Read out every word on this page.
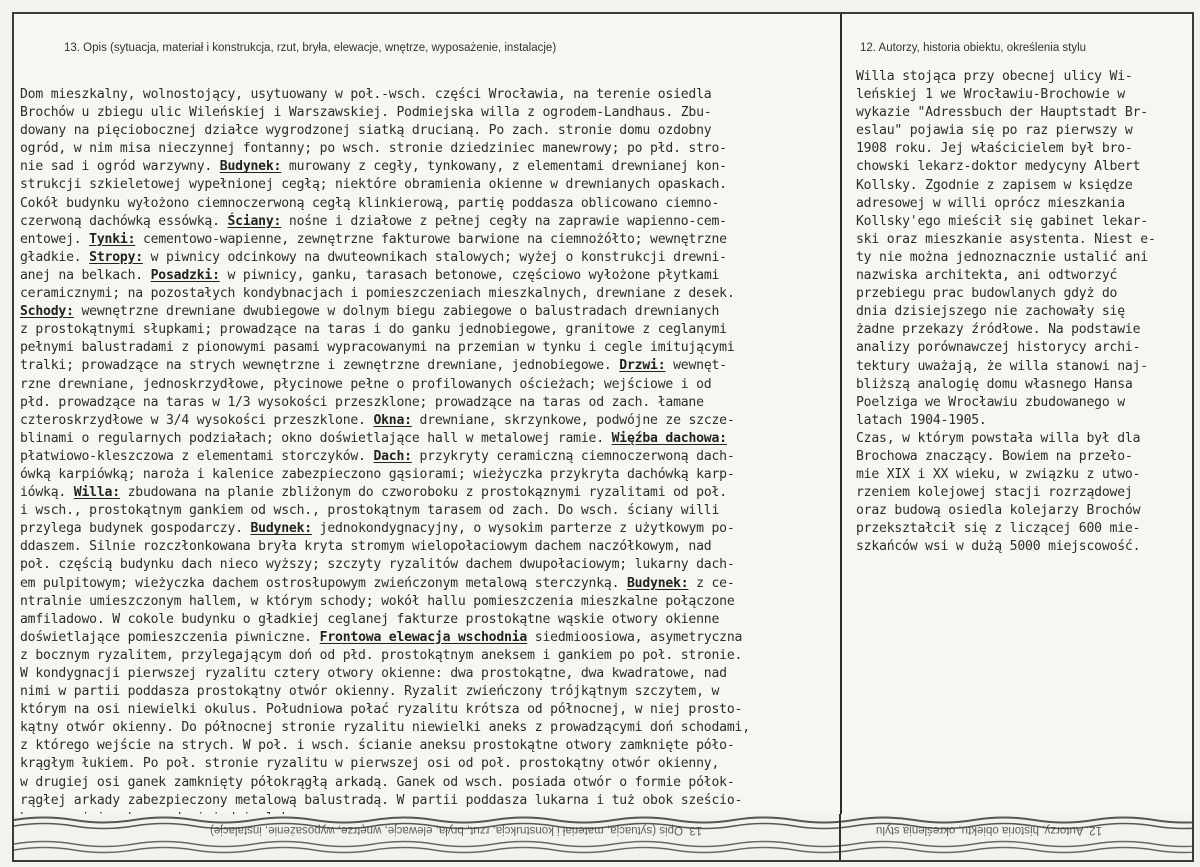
13. Opis (sytuacja, materiał i konstrukcja, rzut, bryła, elewacje, wnętrze, wyposażenie, instalacje)
Dom mieszkalny, wolnostojący, usytuowany w poł.-wsch. części Wrocławia, na terenie osiedla
Brochów u zbiegu ulic Wileńskiej i Warszawskiej. Podmiejska willa z ogrodem-Landhaus. Zbu-
dowany na pięciobocznej działce wygrodzonej siatką drucianą. Po zach. stronie domu ozdobny
ogród, w nim misa nieczynnej fontanny; po wsch. stronie dziedziniec manewrowy; po płd. stro-
nie sad i ogród warzywny. Budynek: murowany z cegły, tynkowany, z elementami drewnianej kon-
strukcji szkieletowej wypełnionej cegłą; niektóre obramienia okienne w drewnianych opaskach.
Cokół budynku wyłożono ciemnoczerwoną cegłą klinkierową, partię poddasza oblicowano ciemno-
czerwoną dachówką essówką. Ściany: nośne i działowe z pełnej cegły na zaprawie wapienno-cem-
entowej. Tynki: cementowo-wapienne, zewnętrzne fakturowe barwione na ciemnożółto; wewnętrzne
gładkie. Stropy: w piwnicy odcinkowy na dwuteownikach stalowych; wyżej o konstrukcji drewni-
anej na belkach. Posadzki: w piwnicy, ganku, tarasach betonowe, częściowo wyłożone płytkami
ceramicznymi; na pozostałych kondybnacjach i pomieszczeniach mieszkalnych, drewniane z desek.
Schody: wewnętrzne drewniane dwubiegowe w dolnym biegu zabiegowe o balustradach drewnianych
z prostokątnymi słupkami; prowadzące na taras i do ganku jednobiegowe, granitowe z ceglanymi
pełnymi balustradami z pionowymi pasami wypracowanymi na przemian w tynku i cegle imitującymi
tralki; prowadzące na strych wewnętrzne i zewnętrzne drewniane, jednobiegowe. Drzwi: wewnęt-
rzne drewniane, jednoskrzydłowe, płycinowe pełne o profilowanych ościeżach; wejściowe i od
płd. prowadzące na taras w 1/3 wysokości przeszklone; prowadzące na taras od zach. łamane
czteroskrzydłowe w 3/4 wysokości przeszklone. Okna: drewniane, skrzynkowe, podwójne ze szcze-
blinami o regularnych podziałach; okno doświetlające hall w metalowej ramie. Więźba dachowa:
płatwiowo-kleszczowa z elementami storczyków. Dach: przykryty ceramiczną ciemnoczerwoną dach-
ówką karpiówką; naroża i kalenice zabezpieczono gąsiorami; wieżyczka przykryta dachówką karp-
iówką. Willa: zbudowana na planie zbliżonym do czworoboku z prostokąznymi ryzalitami od poł.
i wsch., prostokątnym gankiem od wsch., prostokątnym tarasem od zach. Do wsch. ściany willi
przylega budynek gospodarczy. Budynek: jednokondygnacyjny, o wysokim parterze z użytkowym po-
ddaszem. Silnie rozczłonkowana bryła kryta stromym wielopołaciowym dachem naczółkowym, nad
poł. częścią budynku dach nieco wyższy; szczyty ryzalitów dachem dwupołaciowym; lukarny dach-
em pulpitowym; wieżyczka dachem ostrosłupowym zwieńczonym metalową sterczynką. Budynek: z ce-
ntralnie umieszczonym hallem, w którym schody; wokół hallu pomieszczenia mieszkalne połączone
amfiladowo. W cokole budynku o gładkiej ceglanej fakturze prostokątne wąskie otwory okienne
doświetlające pomieszczenia piwniczne. Frontowa elewacja wschodnia siedmioosiowa, asymetryczna
z bocznym ryzalitem, przylegającym doń od płd. prostokątnym aneksem i gankiem po poł. stronie.
W kondygnacji pierwszej ryzalitu cztery otwory okienne: dwa prostokątne, dwa kwadratowe, nad
nimi w partii poddasza prostokątny otwór okienny. Ryzalit zwieńczony trójkątnym szczytem, w
którym na osi niewielki okulus. Południowa połać ryzalitu krótsza od północnej, w niej prosto-
kątny otwór okienny. Do północnej stronie ryzalitu niewielki aneks z prowadzącymi doń schodami,
z którego wejście na strych. W poł. i wsch. ścianie aneksu prostokątne otwory zamknięte póło-
krągłym łukiem. Po poł. stronie ryzalitu w pierwszej osi od poł. prostokątny otwór okienny,
w drugiej osi ganek zamknięty półokrągłą arkadą. Ganek od wsch. posiada otwór o formie półok-
rągłej arkady zabezpieczony metalową balustradą. W partii poddasza lukarna i tuż obok sześcio-
12. Autorzy, historia obiektu, określenia stylu
Willa stojąca przy obecnej ulicy Wi-
leńskiej 1 we Wrocławiu-Brochowie w
wykazie "Adressbuch der Hauptstadt Br-
eslau" pojawia się po raz pierwszy w
1908 roku. Jej właścicielem był bro-
chowski lekarz-doktor medycyny Albert
Kollsky. Zgodnie z zapisem w księdze
adresowej w willi oprócz mieszkania
Kollsky'ego mieścił się gabinet lekar-
ski oraz mieszkanie asystenta. Niest e-
ty nie można jednoznacznie ustalić ani
nazwiska architekta, ani odtworzyć
przebiegu prac budowlanych gdyż do
dnia dzisiejszego nie zachowały się
żadne przekazy źródłowe. Na podstawie
analizy porównawczej historycy archi-
tektury uważają, że willa stanowi naj-
bliższą analogię domu własnego Hansa
Poelziga we Wrocławiu zbudowanego w
latach 1904-1905.
Czas, w którym powstała willa był dla
Brochowa znaczący. Bowiem na przeło-
mie XIX i XX wieku, w związku z utwo-
rzeniem kolejowej stacji rozrządowej
oraz budową osiedla kolejarzy Brochów
przekształcił się z liczącej 600 mie-
szkańców wsi w dużą 5000 miejscowość.
13. Opis (sytuacja, materiał i konstrukcja, rzut, bryła, elewacje, wnętrze, wyposażenie, instalacje)	12. Autorzy, historia obiektu, określenia stylu
